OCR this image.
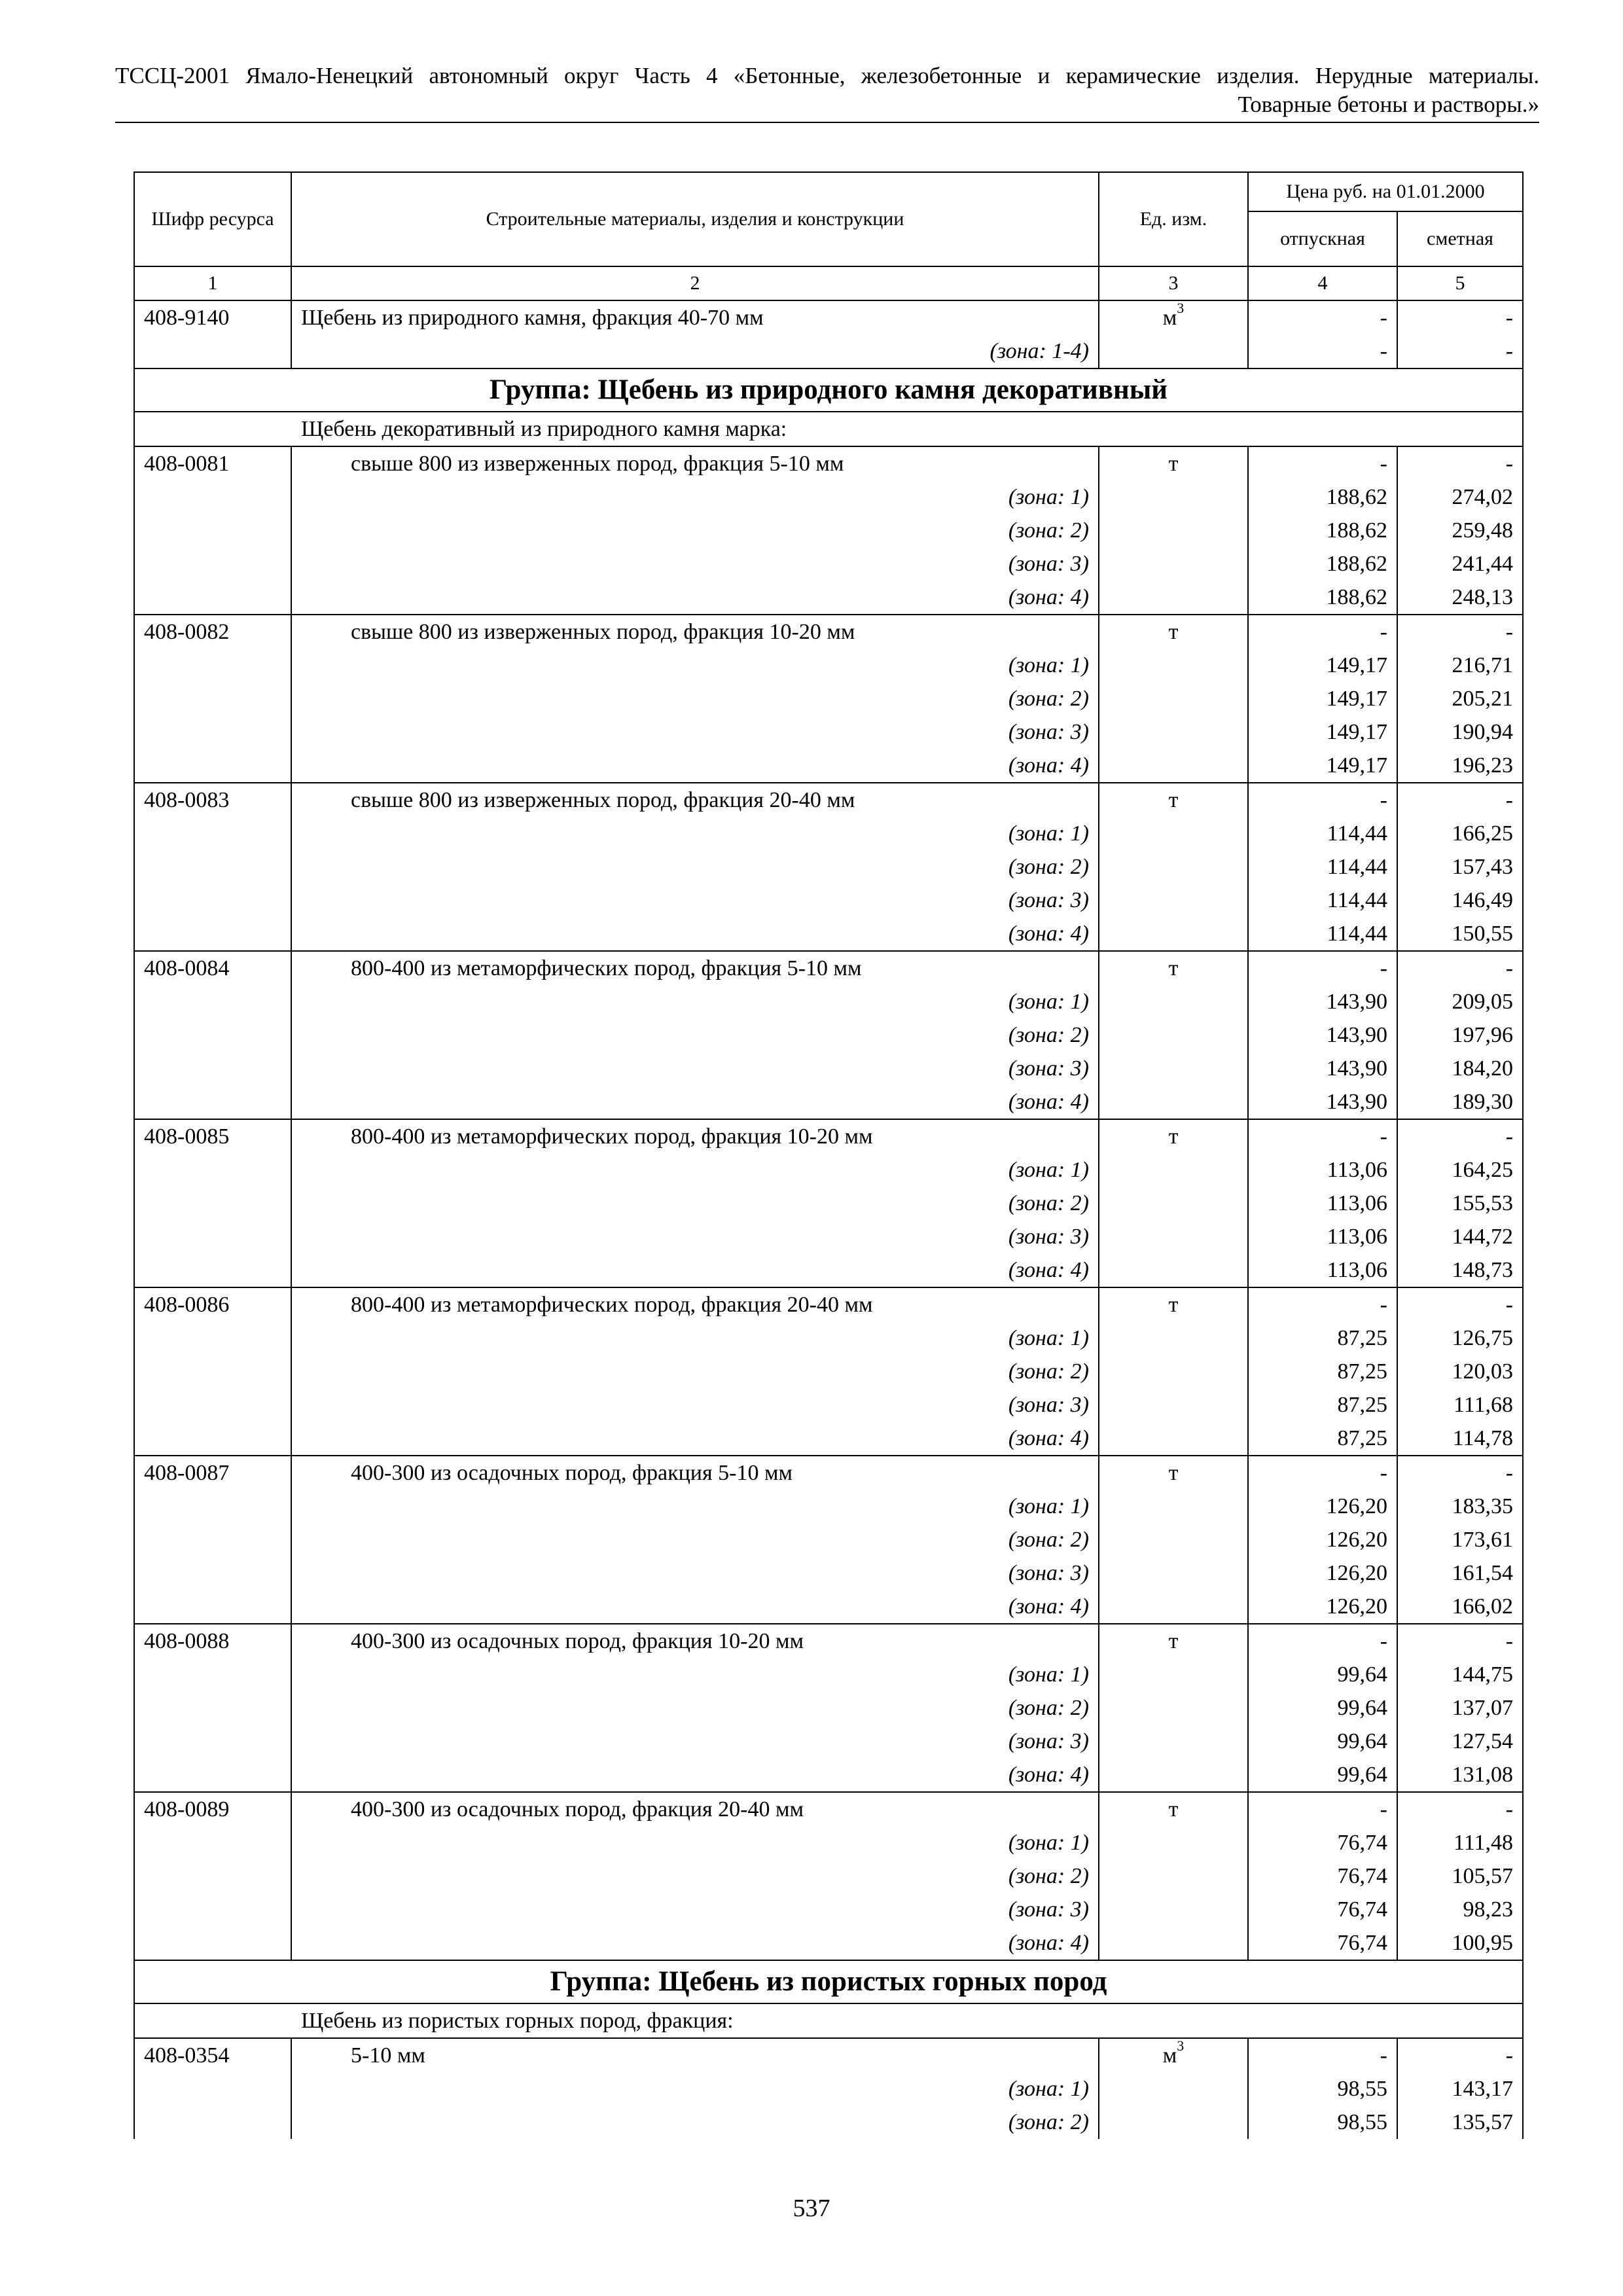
ТССЦ-2001 Ямало-Ненецкий автономный округ Часть 4 «Бетонные, железобетонные и керамические изделия. Нерудные материалы.
Товарные бетоны и растворы.»
Шифр ресурса	Строительные материалы, изделия и конструкции	Ед. изм.	Цена руб. на 01.01.2000	
			отпускная	сметная
1	2	3	4	5
408-9140	Щебень из природного камня, фракция 40-70 мм	$м^3$	-	-

	(зона: 1-4)		-	-
Группа: Щебень из природного камня декоративный				
Щебень декоративный из природного камня марка:				
408-0081	свыше 800 из изверженных пород, фракция 5-10 мм	т	-	-

	(зона: 1)		188,62	274,02

	(зона: 2)		188,62	259,48

	(зона: 3)		188,62	241,44

	(зона: 4)		188,62	248,13
408-0082	свыше 800 из изверженных пород, фракция 10-20 мм	т	-	-

	(зона: 1)		149,17	216,71

	(зона: 2)		149,17	205,21

	(зона: 3)		149,17	190,94

	(зона: 4)		149,17	196,23
408-0083	свыше 800 из изверженных пород, фракция 20-40 мм	т	-	-

	(зона: 1)		114,44	166,25

	(зона: 2)		114,44	157,43

	(зона: 3)		114,44	146,49

	(зона: 4)		114,44	150,55
408-0084	800-400 из метаморфических пород, фракция 5-10 мм	т	-	-

	(зона: 1)		143,90	209,05

	(зона: 2)		143,90	197,96

	(зона: 3)		143,90	184,20

	(зона: 4)		143,90	189,30
408-0085	800-400 из метаморфических пород, фракция 10-20 мм	т	-	-

	(зона: 1)		113,06	164,25

	(зона: 2)		113,06	155,53

	(зона: 3)		113,06	144,72

	(зона: 4)		113,06	148,73
408-0086	800-400 из метаморфических пород, фракция 20-40 мм	т	-	-

	(зона: 1)		87,25	126,75

	(зона: 2)		87,25	120,03

	(зона: 3)		87,25	111,68

	(зона: 4)		87,25	114,78
408-0087	400-300 из осадочных пород, фракция 5-10 мм	т	-	-

	(зона: 1)		126,20	183,35

	(зона: 2)		126,20	173,61

	(зона: 3)		126,20	161,54

	(зона: 4)		126,20	166,02
408-0088	400-300 из осадочных пород, фракция 10-20 мм	т	-	-

	(зона: 1)		99,64	144,75

	(зона: 2)		99,64	137,07

	(зона: 3)		99,64	127,54

	(зона: 4)		99,64	131,08
408-0089	400-300 из осадочных пород, фракция 20-40 мм	т	-	-

	(зона: 1)		76,74	111,48

	(зона: 2)		76,74	105,57

	(зона: 3)		76,74	98,23

	(зона: 4)		76,74	100,95
Группа: Щебень из пористых горных пород				
Щебень из пористых горных пород, фракция:				
408-0354	5-10 мм	$м^3$	-	-

	(зона: 1)		98,55	143,17

	(зона: 2)		98,55	135,57
537
